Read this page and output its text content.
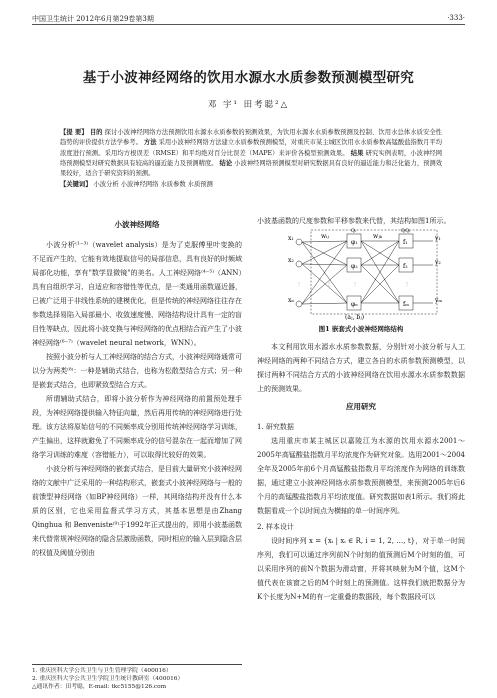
中国卫生统计 2012年6月第29卷第3期	·333·
基于小波神经网络的饮用水源水水质参数预测模型研究
邓 宇¹ 田考聪²△
【提 要】 目的 探讨小波神经网络方法预测饮用水源水水质参数的预测效果，为饮用水源水水质参数预测及控制、饮用水总体水质安全性趋势的评价提供方法学参考。 方法 采用小波神经网络方法建立水质参数预测模型，对重庆市某主城区饮用水水质参数高锰酸盐指数月平均浓度进行预测。采用均方根误差（RMSE）和平均绝对百分比误差（MAPE）来评价各模型预测效果。 结果 研究实例表明，小波神经网络预测模型对研究数据具有较高的逼近能力及预测精度。 结论 小波神经网络预测模型对研究数据具有良好的逼近能力和泛化能力，预测效果较好，适合于研究资料的预测。
【关键词】 小波分析 小波神经网络 水质参数 水质预测
小波神经网络

小波分析⁽¹⁻³⁾（wavelet analysis）是为了克服傅里叶变换的不足而产生的，它能有效地提取信号的局部信息，具有良好的时频域局部化功能，享有"数学显微镜"的美名。人工神经网络⁽⁴⁻⁵⁾（ANN）具有自组织学习、自适应和容错性等优点，是一类通用函数逼近器，已被广泛用于非线性系统的建模优化，但是传统的神经网络往往存在参数选择易陷入局部最小、收敛速度慢、网络结构设计具有一定的盲目性等缺点，因此将小波变换与神经网络的优点相结合而产生了小波神经网络⁽⁶⁻⁷⁾（wavelet neural network，WNN）。

按照小波分析与人工神经网络的结合方式，小波神经网络通常可以分为两类⁽⁸⁾：一种是辅助式结合，也称为松散型结合方式；另一种是嵌套式结合，也即紧致型结合方式。

所谓辅助式结合，即将小波分析作为神经网络的前置预处理手段，为神经网络提供输入特征向量，然后再用传统的神经网络进行处理。该方法将原始信号的不同频率成分别用传统神经网络学习训练，产生偏出，这样就避免了不同频率成分的信号混杂在一起而增加了网络学习训练的难度（容错能力），可以取得比较好的效果。

小波分析与神经网络的嵌套式结合，是目前大量研究小波神经网络的文献中广泛采用的一种结构形式，嵌套式小波神经网络与一般的前馈型神经网络（如BP神经网络）一样，其网络结构并没有什么本质的区别，它也采用监督式学习方式，其基本思想是由Zhang Qinghua 和 Benveniste⁽⁹⁾于1992年正式提出的，即用小波基函数来代替常规神经网络的隐含层激励函数，同时相应的输入层到隐含层的权值及阈值分别由

小波基函数的尺度参数和平移参数来代替，其结构如图1所示。

⋮	⋮	⋮
⋮
φ₁
φ₂
φₙ
f₁
f₂
fₘ
x₁
x₂
xₙ
y₁
y₂
yₘ
wᵢⱼ	wⱼₖ
(aⱼ, bⱼ)
Qᵢ	QQᵢ
图1 嵌套式小波神经网络结构

本文利用饮用水源水水质参数数据，分别针对小波分析与人工神经网络的两种不同结合方式，建立各自的水质参数预测模型，以探讨两种不同结合方式的小波神经网络在饮用水源水水质参数数据上的预测效果。

应用研究

1. 研究数据

选用重庆市某主城区以嘉陵江为水源的饮用水源水2001～2005年高锰酸盐指数月平均浓度作为研究对象。选用2001～2004全年及2005年前6个月高锰酸盐指数月平均浓度作为网络的训练数据，通过建立小波神经网络水质参数预测模型，来预测2005年后6个月的高锰酸盐指数月平均浓度值。研究数据如表1所示。我们将此数据看成一个以时间点为横轴的单一时间序列。

2. 样本设计

设时间序列 x = {xᵢ | xᵢ ∈ R, i = 1, 2, …, t}，对于单一时间序列，我们可以通过序列前N个时刻的值预测后M个时刻的值，可以采用序列的前N个数据为滑动窗，并将其映射为M个值，这M个值代表在该窗之后的M个时刻上的预测值。这样我们就把数据分为K个长度为N+M的有一定重叠的数据段，每个数据段可以

1. 重庆医科大学公共卫生与卫生管理学院（400016）
2. 重庆医科大学公共卫生学院卫生统计教研室（400016）
△通讯作者：田考聪，E-mail: tkc5155@126.com
